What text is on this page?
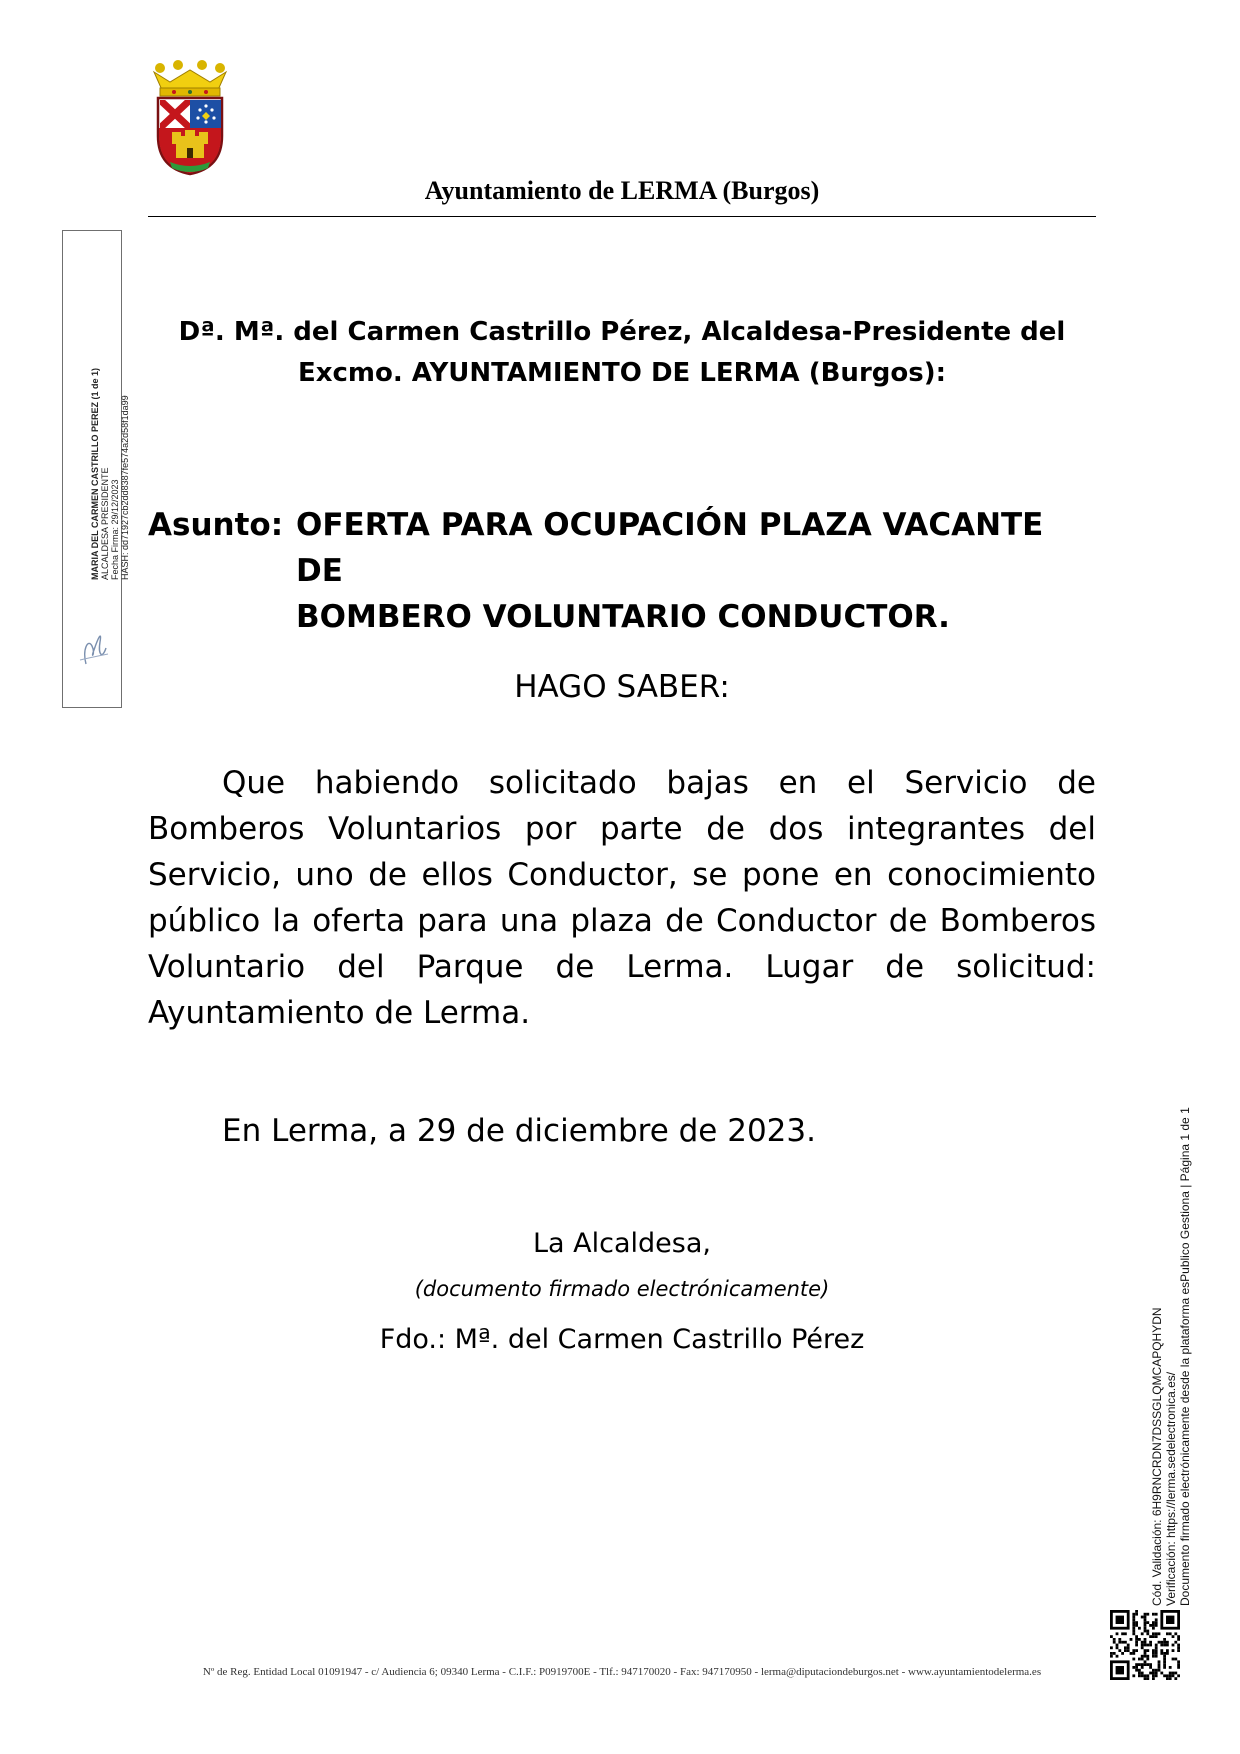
Ayuntamiento de LERMA (Burgos)
MARIA DEL CARMEN CASTRILLO PEREZ (1 de 1) ALCALDESA PRESIDENTE Fecha Firma: 29/12/2023 HASH: dd71927cb2dd8387fe574a2d58f1da99
Dª. Mª. del Carmen Castrillo Pérez, Alcaldesa-Presidente del
Excmo. AYUNTAMIENTO DE LERMA (Burgos):
Asunto: OFERTA PARA OCUPACIÓN PLAZA VACANTE DE
BOMBERO VOLUNTARIO CONDUCTOR.
HAGO SABER:

Que habiendo solicitado bajas en el Servicio de Bomberos Voluntarios por parte de dos integrantes del Servicio, uno de ellos Conductor, se pone en conocimiento público la oferta para una plaza de Conductor de Bomberos Voluntario del Parque de Lerma. Lugar de solicitud: Ayuntamiento de Lerma.

En Lerma, a 29 de diciembre de 2023.
La Alcaldesa,
(documento firmado electrónicamente)
Fdo.: Mª. del Carmen Castrillo Pérez
Nº de Reg. Entidad Local 01091947 - c/ Audiencia 6; 09340 Lerma - C.I.F.: P0919700E - Tlf.: 947170020 - Fax: 947170950 - lerma@diputaciondeburgos.net - www.ayuntamientodelerma.es
Cód. Validación: 6H9RNCRDN7DSSGLQMCAPQHYDN Verificación: https://lerma.sedelectronica.es/ Documento firmado electrónicamente desde la plataforma esPublico Gestiona | Página 1 de 1
